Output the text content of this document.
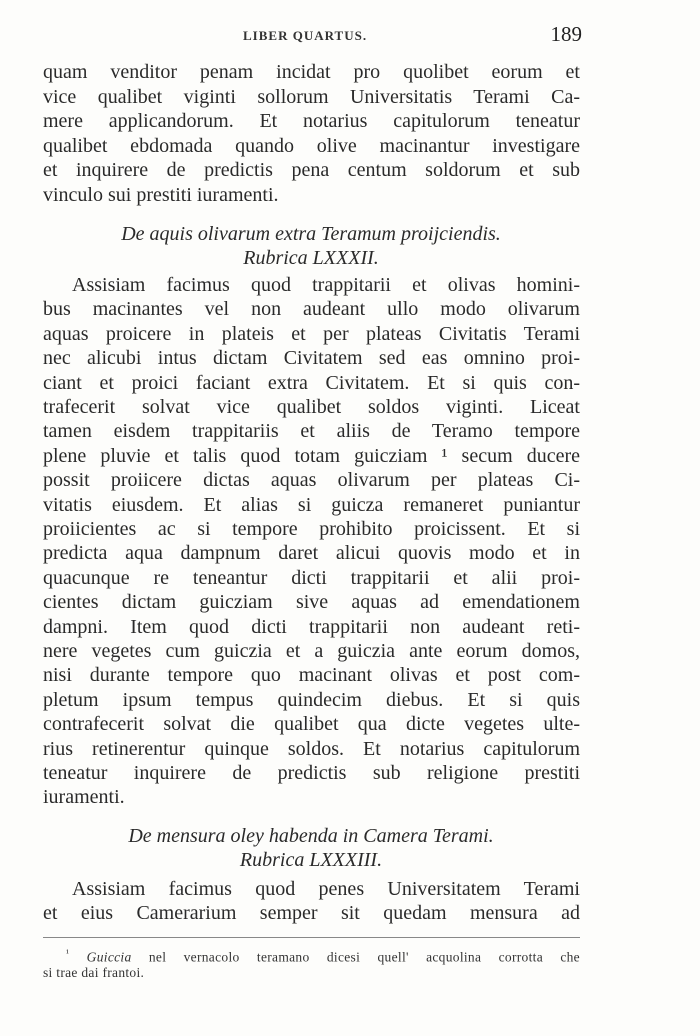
LIBER QUARTUS.	189
quam venditor penam incidat pro quolibet eorum et
vice qualibet viginti sollorum Universitatis Terami Ca-
mere applicandorum. Et notarius capitulorum teneatur
qualibet ebdomada quando olive macinantur investigare
et inquirere de predictis pena centum soldorum et sub
vinculo sui prestiti iuramenti.
De aquis olivarum extra Teramum proijciendis.
Rubrica LXXXII.
Assisiam facimus quod trappitarii et olivas homini-
bus macinantes vel non audeant ullo modo olivarum
aquas proicere in plateis et per plateas Civitatis Terami
nec alicubi intus dictam Civitatem sed eas omnino proi-
ciant et proici faciant extra Civitatem. Et si quis con-
trafecerit solvat vice qualibet soldos viginti. Liceat
tamen eisdem trappitariis et aliis de Teramo tempore
plene pluvie et talis quod totam guicziam ¹ secum ducere
possit proiicere dictas aquas olivarum per plateas Ci-
vitatis eiusdem. Et alias si guicza remaneret puniantur
proiicientes ac si tempore prohibito proicissent. Et si
predicta aqua dampnum daret alicui quovis modo et in
quacunque re teneantur dicti trappitarii et alii proi-
cientes dictam guicziam sive aquas ad emendationem
dampni. Item quod dicti trappitarii non audeant reti-
nere vegetes cum guiczia et a guiczia ante eorum domos,
nisi durante tempore quo macinant olivas et post com-
pletum ipsum tempus quindecim diebus. Et si quis
contrafecerit solvat die qualibet qua dicte vegetes ulte-
rius retinerentur quinque soldos. Et notarius capitulorum
teneatur inquirere de predictis sub religione prestiti
iuramenti.
De mensura oley habenda in Camera Terami.
Rubrica LXXXIII.
Assisiam facimus quod penes Universitatem Terami
et eius Camerarium semper sit quedam mensura ad
$^{^1}$ Guiccia nel vernacolo teramano dicesi quell' acquolina corrotta che
si trae dai frantoi.
